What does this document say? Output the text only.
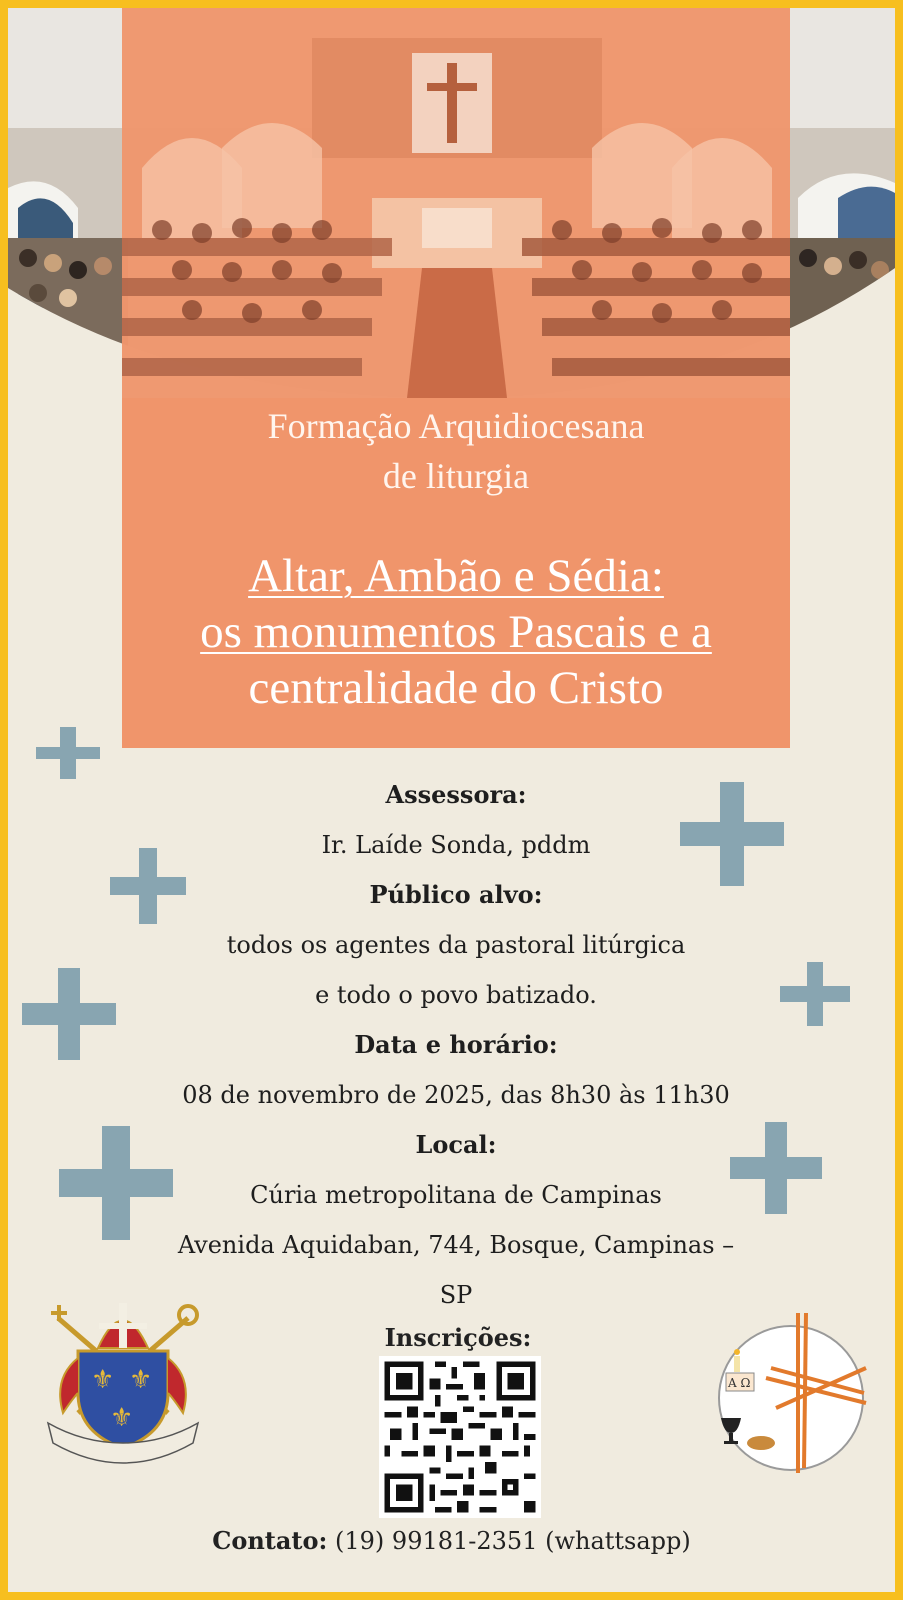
Formação Arquidiocesana
de liturgia
Altar, Ambão e Sédia:
os monumentos Pascais e a
centralidade do Cristo
Assessora:
Ir. Laíde Sonda, pddm
Público alvo:
todos os agentes da pastoral litúrgica
e todo o povo batizado.
Data e horário:
08 de novembro de 2025, das 8h30 às 11h30
Local:
Cúria metropolitana de Campinas
Avenida Aquidaban, 744, Bosque, Campinas –
SP
Inscrições:
Contato: (19) 99181-2351 (whattsapp)
⚜ ⚜
⚜
A Ω
